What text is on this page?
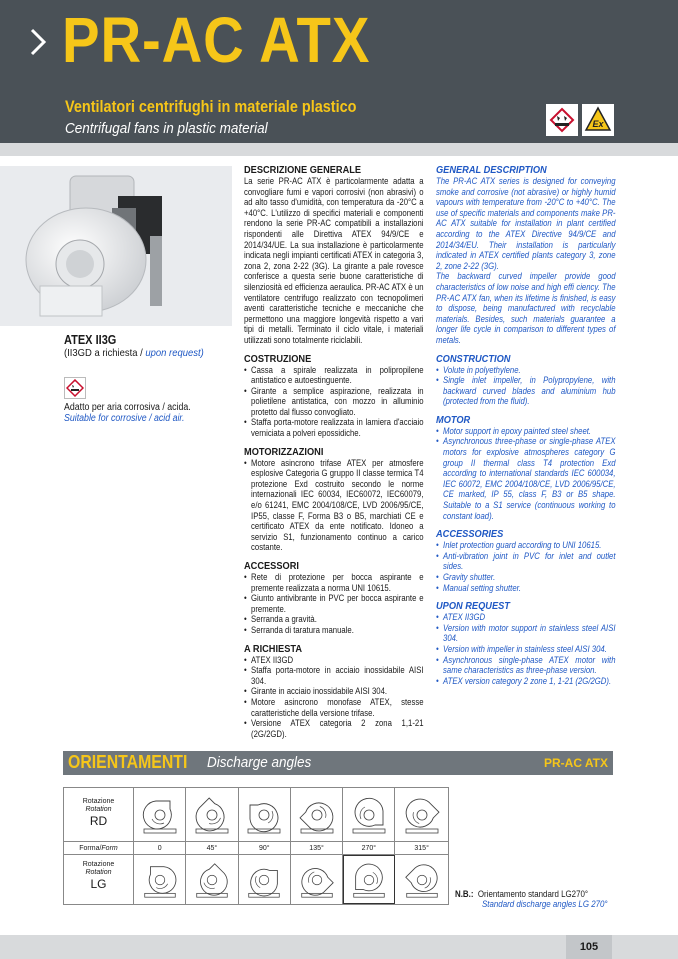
PR-AC ATX
Ventilatori centrifughi in materiale plastico
Centrifugal fans in plastic material	Ex
ATEX II3G
(II3GD a richiesta / upon request)
Adatto per aria corrosiva / acida.
Suitable for corrosive / acid air.
DESCRIZIONE GENERALE
La serie PR-AC ATX è particolarmente adatta a convogliare fumi e vapori corrosivi (non abrasivi) o ad alto tasso d'umidità, con temperatura da -20°C a +40°C. L'utilizzo di specifici materiali e componenti rendono la serie PR-AC compatibili a installazioni rispondenti alle Direttiva ATEX 94/9/CE e 2014/34/UE. La sua installazione è particolarmente indicata negli impianti certificati ATEX in categoria 3, zona 2, zona 2-22 (3G). La girante a pale rovesce conferisce a questa serie buone caratteristiche di silenziosità ed efficienza aeraulica. PR-AC ATX è un ventilatore centrifugo realizzato con tecnopolimeri aventi caratteristiche tecniche e meccaniche che permettono una maggiore longevità rispetto a vari tipi di metalli. Terminato il ciclo vitale, i materiali utilizzati sono totalmente riciclabili.
COSTRUZIONE
• Cassa a spirale realizzata in polipropilene antistatico e autoestinguente.
• Girante a semplice aspirazione, realizzata in polietilene antistatica, con mozzo in alluminio protetto dal flusso convogliato.
• Staffa porta-motore realizzata in lamiera d'acciaio verniciata a polveri epossidiche.
MOTORIZZAZIONI
• Motore asincrono trifase ATEX per atmosfere esplosive Categoria G gruppo II classe termica T4 protezione Exd costruito secondo le norme internazionali IEC 60034, IEC60072, IEC60079, e/o 61241, EMC 2004/108/CE, LVD 2006/95/CE, IP55, classe F, Forma B3 o B5, marchiati CE e certificato ATEX da ente notificato. Idoneo a servizio S1, funzionamento continuo a carico costante.
ACCESSORI
• Rete di protezione per bocca aspirante e premente realizzata a norma UNI 10615.
• Giunto antivibrante in PVC per bocca aspirante e premente.
• Serranda a gravità.
• Serranda di taratura manuale.
A RICHIESTA
• ATEX II3GD
• Staffa porta-motore in acciaio inossidabile AISI 304.
• Girante in acciaio inossidabile AISI 304.
• Motore asincrono monofase ATEX, stesse caratteristiche della versione trifase.
• Versione ATEX categoria 2 zona 1,1-21 (2G/2GD).
GENERAL DESCRIPTION
The PR-AC ATX series is designed for conveying smoke and corrosive (not abrasive) or highly humid vapours with temperature from -20°C to +40°C. The use of specific materials and components make PR-AC ATX suitable for installation in plant certified according to the ATEX Directive 94/9/CE and 2014/34/EU. Their installation is particularly indicated in ATEX certified plants category 3, zone 2, zone 2-22 (3G).
The backward curved impeller provide good characteristics of low noise and high effi ciency. The PR-AC ATX fan, when its lifetime is finished, is easy to dispose, being manufactured with recyclable materials. Besides, such materials guarantee a longer life cycle in comparison to different types of metals.
CONSTRUCTION
• Volute in polyethylene.
• Single inlet impeller, in Polypropylene, with backward curved blades and aluminium hub (protected from the fluid).
MOTOR
• Motor support in epoxy painted steel sheet.
• Asynchronous three-phase or single-phase ATEX motors for explosive atmospheres category G group II thermal class T4 protection Exd according to international standards IEC 600034, IEC 60072, EMC 2004/108/CE, LVD 2006/95/CE, CE marked, IP 55, class F, B3 or B5 shape. Suitable to a S1 service (continuous working to constant load).
ACCESSORIES
• Inlet protection guard according to UNI 10615.
• Anti-vibration joint in PVC for inlet and outlet sides.
• Gravity shutter.
• Manual setting shutter.
UPON REQUEST
• ATEX II3GD
• Version with motor support in stainless steel AISI 304.
• Version with impeller in stainless steel AISI 304.
• Asynchronous single-phase ATEX motor with same characteristics as three-phase version.
• ATEX version category 2 zone 1, 1-21 (2G/2GD).
ORIENTAMENTI Discharge angles	PR-AC ATX
Rotazione
Rotation
RD
Forma/ Form	0	45°	90°	135°	270°	315°
Rotazione
Rotation
LG
N.B.: Orientamento standard LG270°
Standard discharge angles LG 270°
105
